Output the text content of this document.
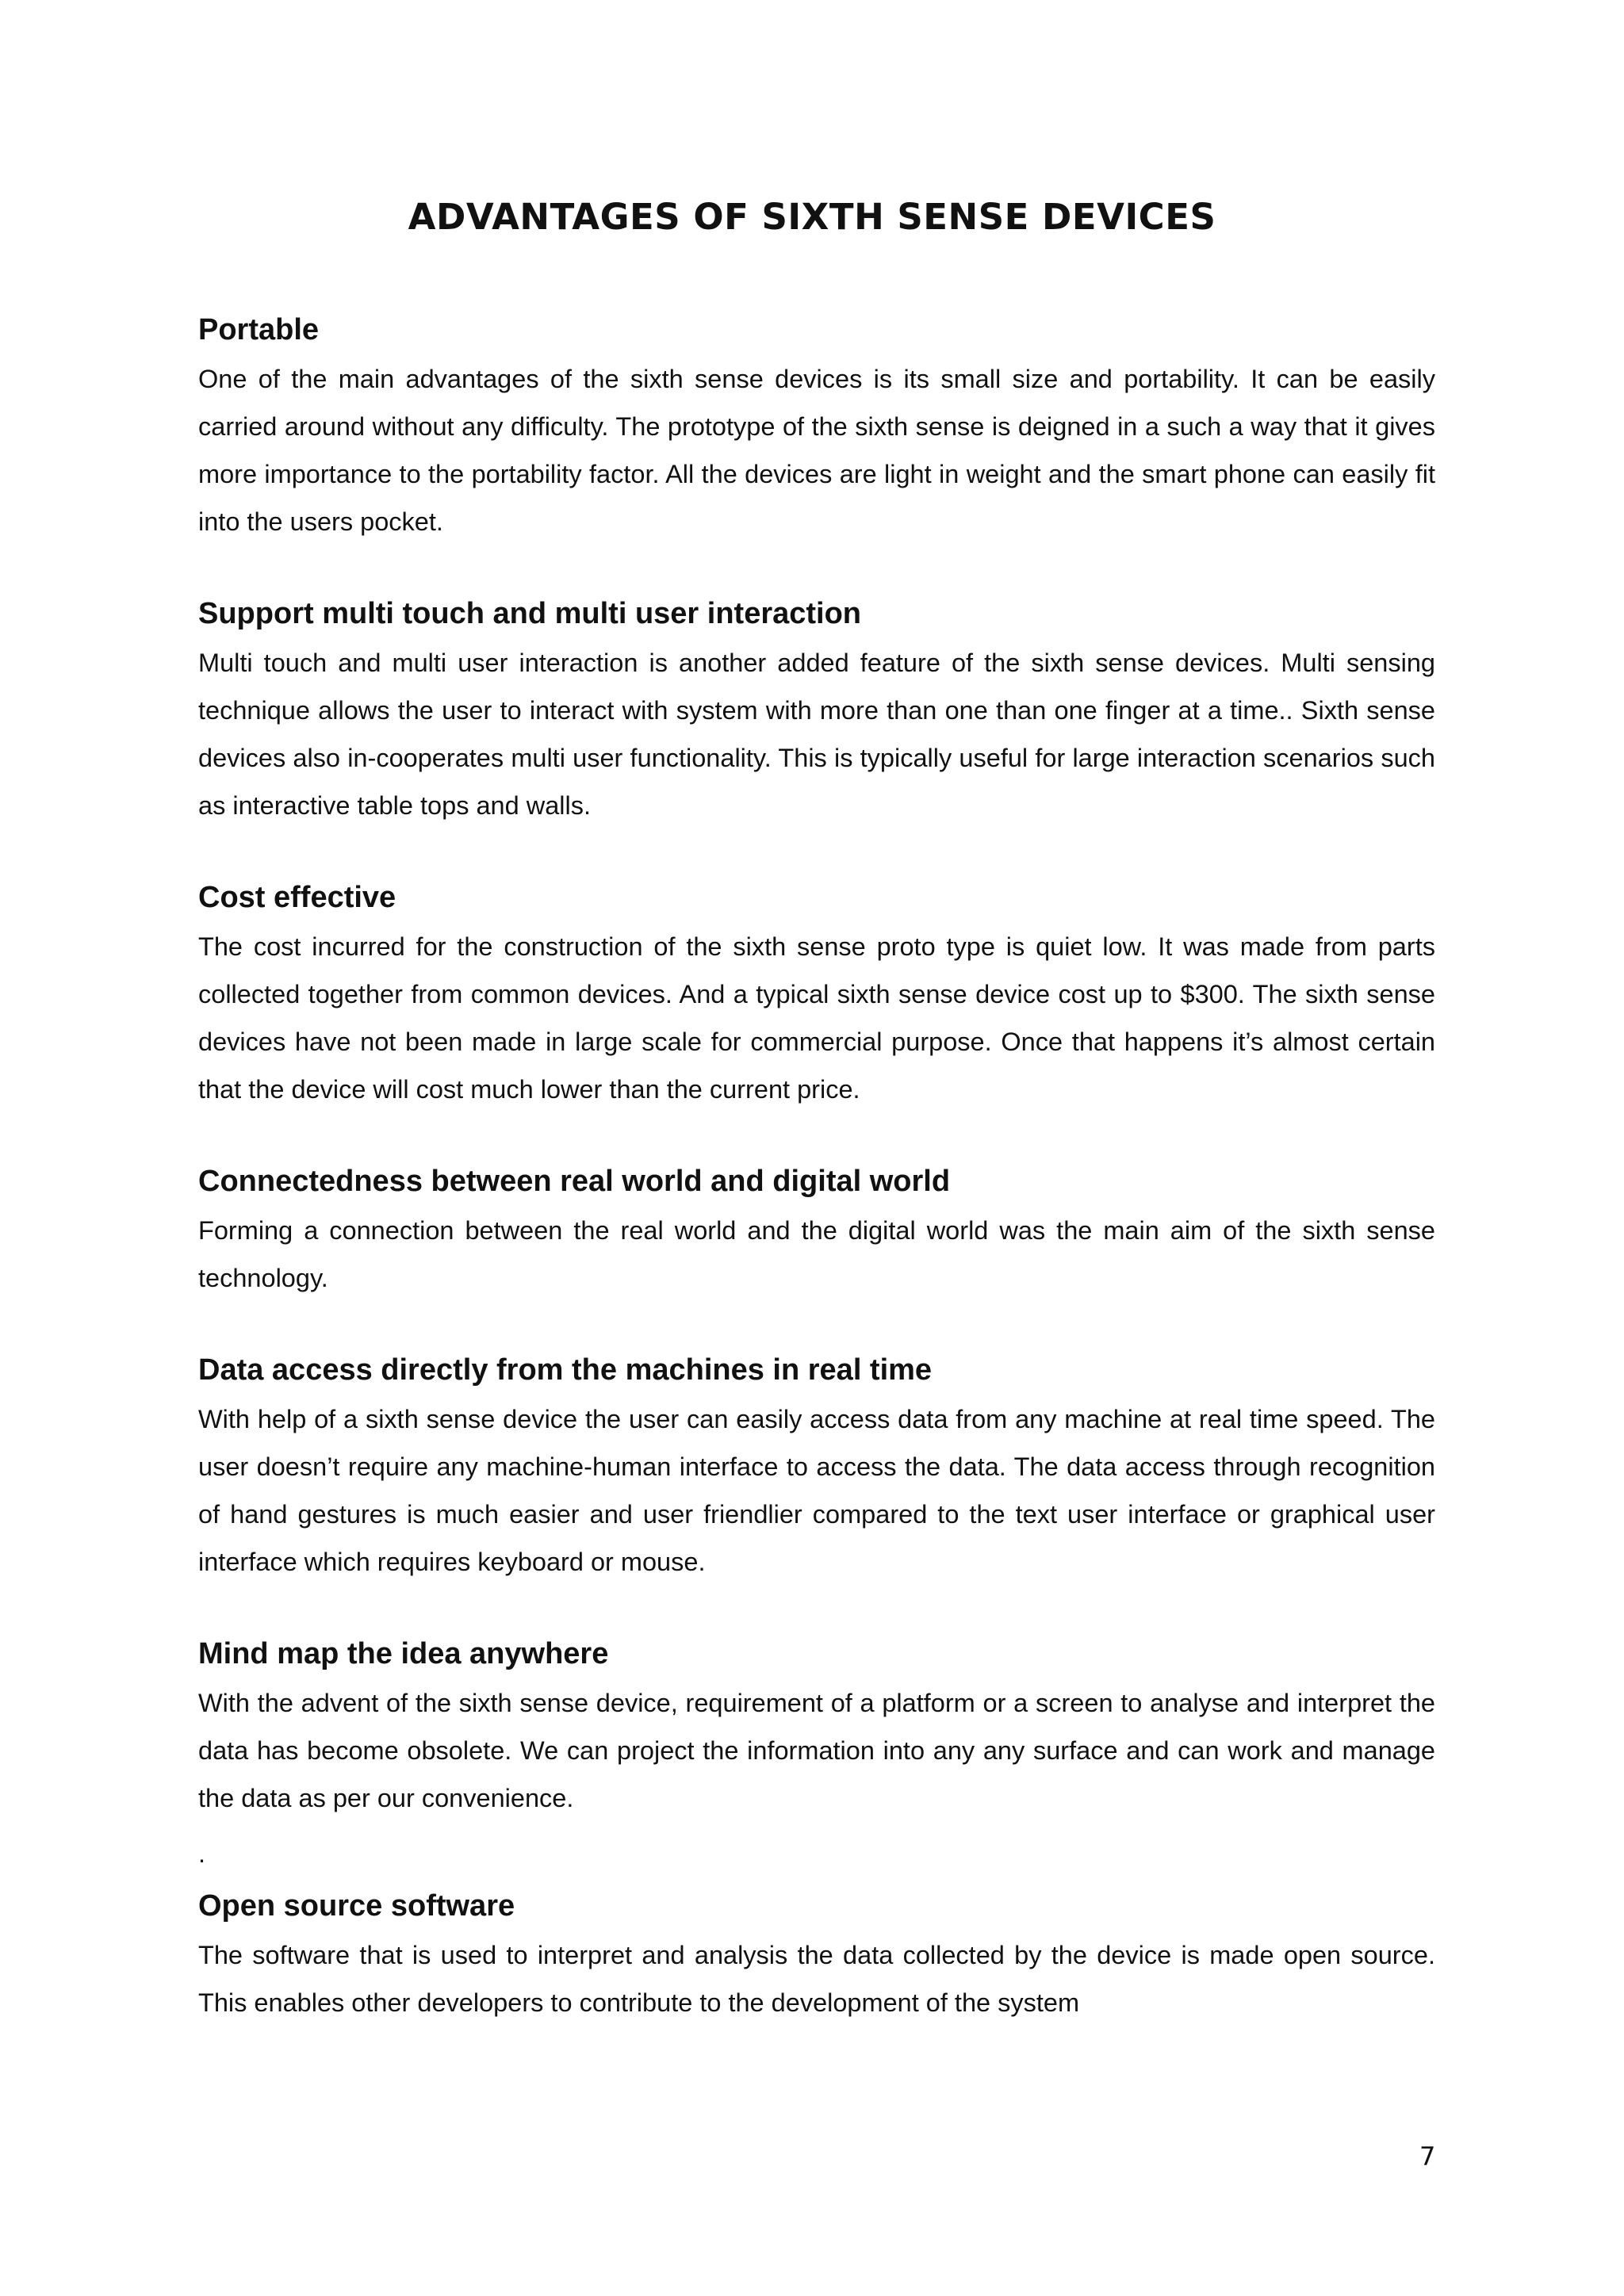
ADVANTAGES OF SIXTH SENSE DEVICES
Portable

One of the main advantages of the sixth sense devices is its small size and portability. It can be easily carried around without any difficulty. The prototype of the sixth sense is deigned in a such a way that it gives more importance to the portability factor. All the devices are light in weight and the smart phone can easily fit into the users pocket.

Support multi touch and multi user interaction

Multi touch and multi user interaction is another added feature of the sixth sense devices. Multi sensing technique allows the user to interact with system with more than one than one finger at a time.. Sixth sense devices also in-cooperates multi user functionality. This is typically useful for large interaction scenarios such as interactive table tops and walls.

Cost effective

The cost incurred for the construction of the sixth sense proto type is quiet low. It was made from parts collected together from common devices. And a typical sixth sense device cost up to $300. The sixth sense devices have not been made in large scale for commercial purpose. Once that happens it’s almost certain that the device will cost much lower than the current price.

Connectedness between real world and digital world

Forming a connection between the real world and the digital world was the main aim of the sixth sense technology.

Data access directly from the machines in real time

With help of a sixth sense device the user can easily access data from any machine at real time speed. The user doesn’t require any machine-human interface to access the data. The data access through recognition of hand gestures is much easier and user friendlier compared to the text user interface or graphical user interface which requires keyboard or mouse.

Mind map the idea anywhere

With the advent of the sixth sense device, requirement of a platform or a screen to analyse and interpret the data has become obsolete. We can project the information into any any surface and can work and manage the data as per our convenience.

.
Open source software

The software that is used to interpret and analysis the data collected by the device is made open source. This enables other developers to contribute to the development of the system

7
